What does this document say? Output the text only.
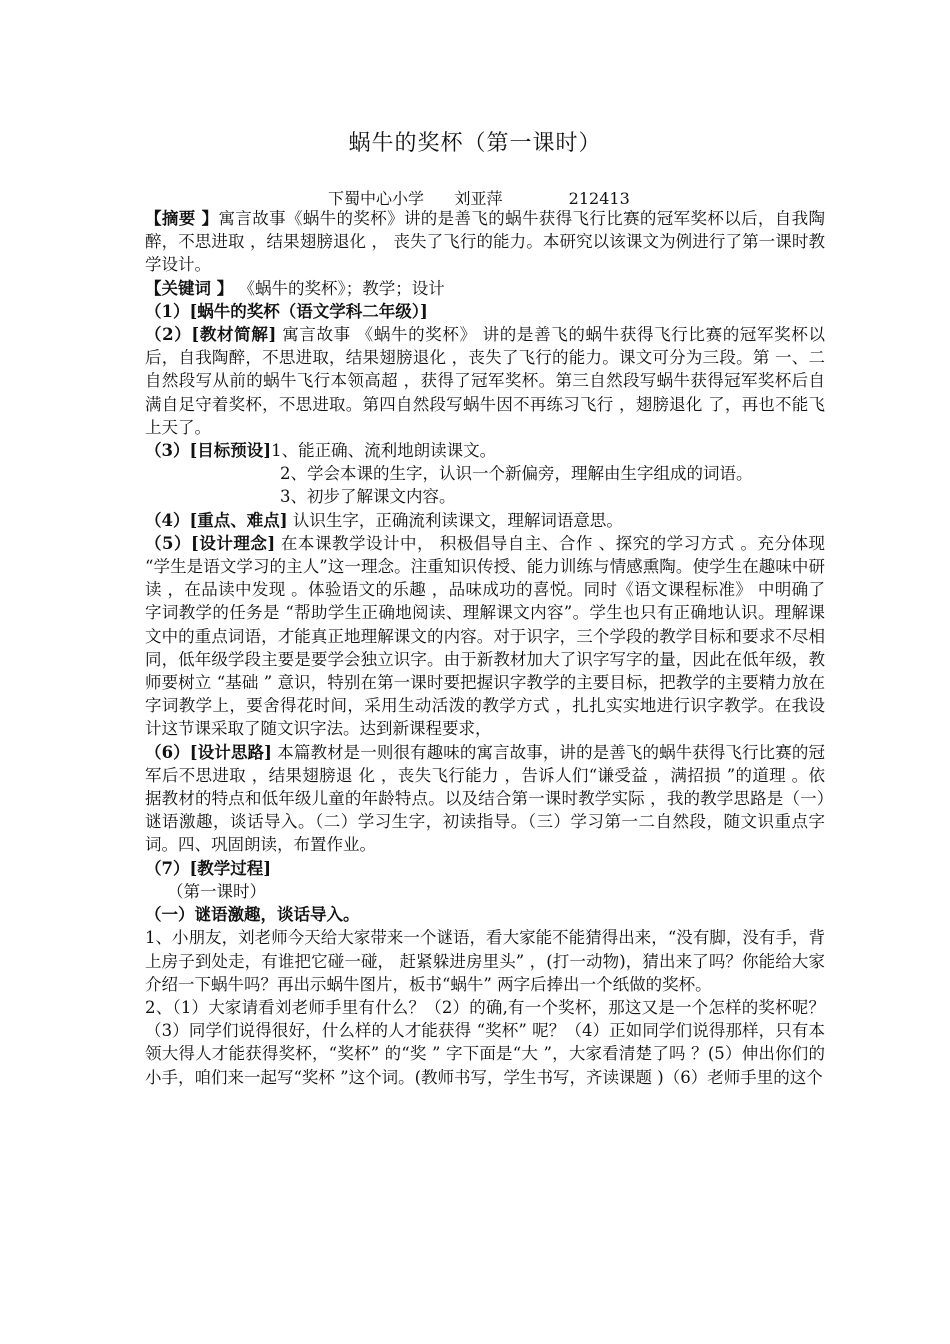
蜗牛的奖杯（第一课时）
下蜀中心小学 刘亚萍	212413

【摘要 】寓言故事《蜗牛的奖杯》讲的是善飞的蜗牛获得飞行比赛的冠军奖杯以后，自我陶醉，不思进取 ，结果翅膀退化 ， 丧失了飞行的能力。本研究以该课文为例进行了第一课时教学设计。

【关键词 】 《蜗牛的奖杯》；教学；设计

（1）[蜗牛的奖杯（语文学科二年级）]

（2）[教材简解] 寓言故事 《蜗牛的奖杯》 讲的是善飞的蜗牛获得飞行比赛的冠军奖杯以后，自我陶醉，不思进取，结果翅膀退化 ，丧失了飞行的能力。课文可分为三段。第 一、二自然段写从前的蜗牛飞行本领高超 ，获得了冠军奖杯。第三自然段写蜗牛获得冠军奖杯后自满自足守着奖杯，不思进取。第四自然段写蜗牛因不再练习飞行 ，翅膀退化 了，再也不能飞上天了。

（3）[目标预设]1、能正确、流利地朗读课文。

2、学会本课的生字，认识一个新偏旁，理解由生字组成的词语。

3、初步了解课文内容。

（4）[重点、难点] 认识生字，正确流利读课文，理解词语意思。

（5）[设计理念] 在本课教学设计中， 积极倡导自主、合作 、探究的学习方式 。充分体现 “学生是语文学习的主人”这一理念。注重知识传授、能力训练与情感熏陶。使学生在趣味中研读 ，在品读中发现 。体验语文的乐趣 ，品味成功的喜悦。同时《语文课程标准》 中明确了字词教学的任务是 “帮助学生正确地阅读、理解课文内容”。学生也只有正确地认识。理解课文中的重点词语，才能真正地理解课文的内容。对于识字，三个学段的教学目标和要求不尽相同，低年级学段主要是要学会独立识字。由于新教材加大了识字写字的量，因此在低年级，教师要树立 “基础 ” 意识，特别在第一课时要把握识字教学的主要目标，把教学的主要精力放在字词教学上，要舍得花时间，采用生动活泼的教学方式 ，扎扎实实地进行识字教学。在我设计这节课采取了随文识字法。达到新课程要求，

（6）[设计思路] 本篇教材是一则很有趣味的寓言故事，讲的是善飞的蜗牛获得飞行比赛的冠军后不思进取 ，结果翅膀退 化 ，丧失飞行能力 ，告诉人们“谦受益 ，满招损 ”的道理 。依据教材的特点和低年级儿童的年龄特点。以及结合第一课时教学实际 ，我的教学思路是（一）谜语激趣，谈话导入。（二）学习生字，初读指导。（三）学习第一二自然段，随文识重点字词。四、巩固朗读，布置作业。

（7）[教学过程]

（第一课时）

（一）谜语激趣，谈话导入。

1、小朋友，刘老师今天给大家带来一个谜语，看大家能不能猜得出来，“没有脚，没有手，背上房子到处走，有谁把它碰一碰， 赶紧躲进房里头” ，(打一动物)，猜出来了吗？你能给大家介绍一下蜗牛吗？再出示蜗牛图片，板书“蜗牛” 两字后捧出一个纸做的奖杯。

2、（1）大家请看刘老师手里有什么？（2）的确,有一个奖杯，那这又是一个怎样的奖杯呢？（3）同学们说得很好，什么样的人才能获得 “奖杯” 呢？（4）正如同学们说得那样，只有本领大得人才能获得奖杯，“奖杯” 的“奖 ” 字下面是“大 ”，大家看清楚了吗 ？(5）伸出你们的小手，咱们来一起写“奖杯 ”这个词。(教师书写，学生书写，齐读课题 )（6）老师手里的这个
